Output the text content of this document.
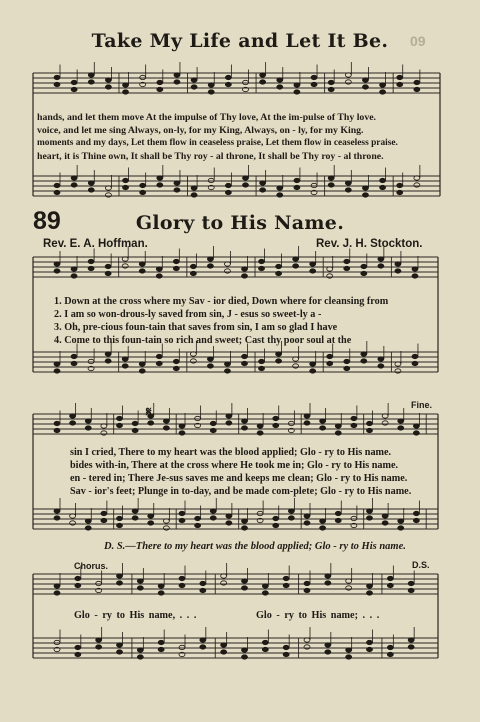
09
Take My Life and Let It Be.
hands, and let them move At the impulse of Thy love, At the im-pulse of Thy love.
voice, and let me sing Always, on-ly, for my King, Always, on - ly, for my King.
moments and my days, Let them flow in ceaseless praise, Let them flow in ceaseless praise.
heart, it is Thine own, It shall be Thy roy - al throne, It shall be Thy roy - al throne.
89	Glory to His Name.
Rev. E. A. Hoffman.	Rev. J. H. Stockton.
1. Down at the cross where my Sav - ior died, Down where for cleansing from
2. I am so won-drous-ly saved from sin, J - esus so sweet-ly a -
3. Oh, pre-cious foun-tain that saves from sin, I am so glad I have
4. Come to this foun-tain so rich and sweet; Cast thy poor soul at the
𝄋	Fine.
sin I cried, There to my heart was the blood applied; Glo - ry to His name.
bides with-in, There at the cross where He took me in; Glo - ry to His name.
en - tered in; There Je-sus saves me and keeps me clean; Glo - ry to His name.
Sav - ior's feet; Plunge in to-day, and be made com-plete; Glo - ry to His name.
D. S.—There to my heart was the blood applied; Glo - ry to His name.
Chorus.	D.S.
Glo - ry to His name, . . .	Glo - ry to His name; . . .
